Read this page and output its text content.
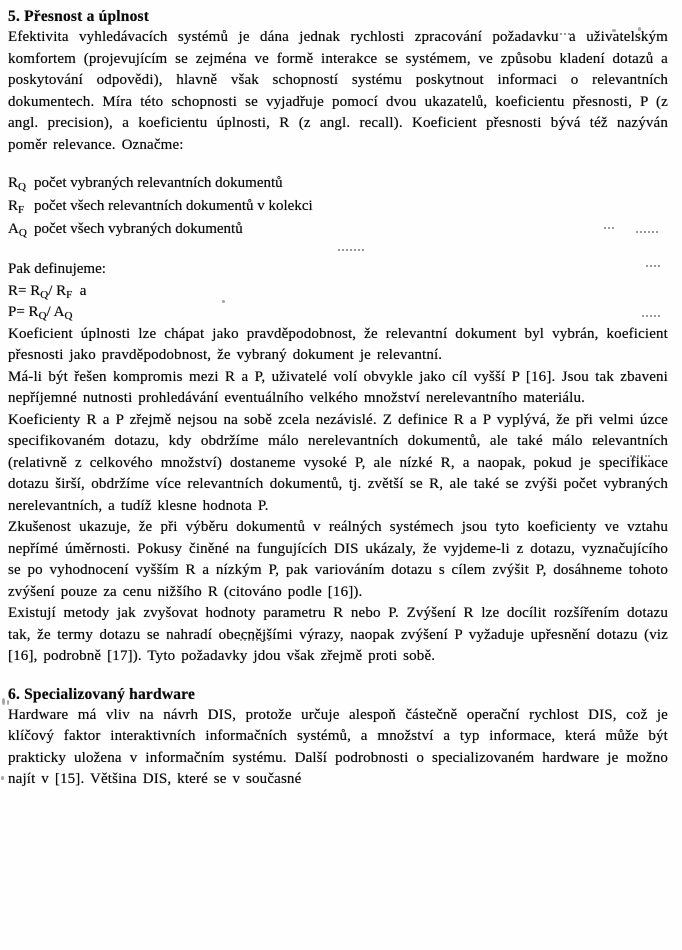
5. Přesnost a úplnost

Efektivita vyhledávacích systémů je dána jednak rychlosti zpracování požadavku a uživatelským komfortem (projevujícím se zejména ve formě interakce se systémem, ve způsobu kladení dotazů a poskytování odpovědi), hlavně však schopností systému poskytnout informaci o relevantních dokumentech. Míra této schopnosti se vyjadřuje pomocí dvou ukazatelů, koeficientu přesnosti, P (z angl. precision), a koeficientu úplnosti, R (z angl. recall). Koeficient přesnosti bývá též nazýván poměr relevance. Označme:

$R_Q$ počet vybraných relevantních dokumentů
$R_F$ počet všech relevantních dokumentů v kolekci
$A_Q$ počet všech vybraných dokumentů
Pak definujeme:
$R= R_Q/$ $R_F$  a
$P= R_Q/$ $A_Q$

Koeficient úplnosti lze chápat jako pravděpodobnost, že relevantní dokument byl vybrán, koeficient přesnosti jako pravděpodobnost, že vybraný dokument je relevantní.

Má-li být řešen kompromis mezi R a P, uživatelé volí obvykle jako cíl vyšší P [16]. Jsou tak zbaveni nepříjemné nutnosti prohledávání eventuálního velkého množství nerelevantního materiálu.

Koeficienty R a P zřejmě nejsou na sobě zcela nezávislé. Z definice R a P vyplývá, že při velmi úzce specifikovaném dotazu, kdy obdržíme málo nerelevantních dokumentů, ale také málo relevantních (relativně z celkového množství) dostaneme vysoké P, ale nízké R, a naopak, pokud je specifikace dotazu širší, obdržíme více relevantních dokumentů, tj. zvětší se R, ale také se zvýši počet vybraných nerelevantních, a tudíž klesne hodnota P.

Zkušenost ukazuje, že při výběru dokumentů v reálných systémech jsou tyto koeficienty ve vztahu nepřímé úměrnosti. Pokusy činěné na fungujících DIS ukázaly, že vyjdeme-li z dotazu, vyznačujícího se po vyhodnocení vyšším R a nízkým P, pak variováním dotazu s cílem zvýšit P, dosáhneme tohoto zvýšení pouze za cenu nižšího R (citováno podle [16]).

Existují metody jak zvyšovat hodnoty parametru R nebo P. Zvýšení R lze docílit rozšířením dotazu tak, že termy dotazu se nahradí obecnějšími výrazy, naopak zvýšení P vyžaduje upřesnění dotazu (viz [16], podrobně [17]). Tyto požadavky jdou však zřejmě proti sobě.

6. Specializovaný hardware

Hardware má vliv na návrh DIS, protože určuje alespoň částečně operační rychlost DIS, což je klíčový faktor interaktivních informačních systémů, a množství a typ informace, která může být prakticky uložena v informačním systému. Další podrobnosti o specializovaném hardware je možno najít v [15]. Většina DIS, které se v současné
